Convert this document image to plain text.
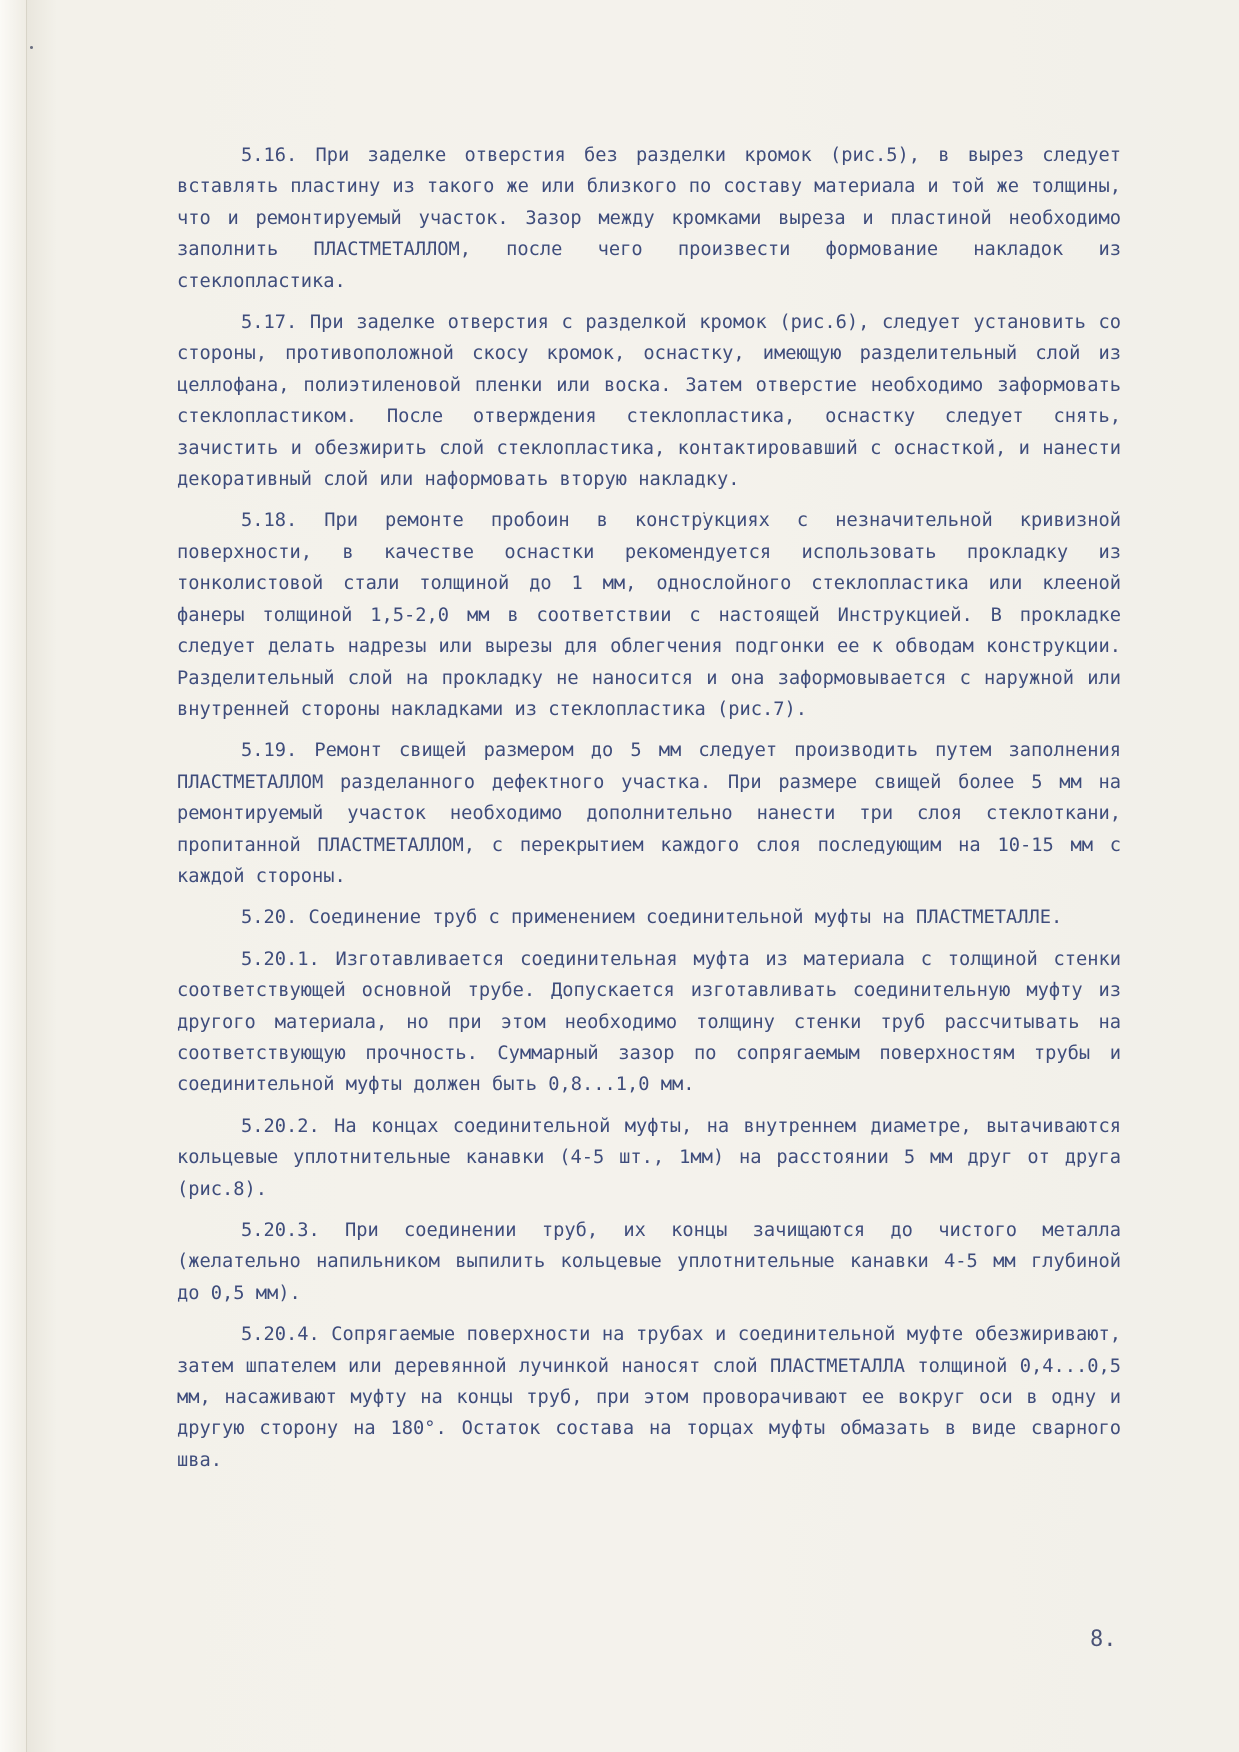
5.16. При заделке отверстия без разделки кромок (рис.5), в вырез следует вставлять пластину из такого же или близкого по составу материала и той же толщины, что и ремонтируемый участок. Зазор между кромками выреза и пластиной необходимо заполнить ПЛАСТМЕТАЛЛОМ, после чего произвести формование накладок из стеклопластика.

5.17. При заделке отверстия с разделкой кромок (рис.6), следует установить со стороны, противоположной скосу кромок, оснастку, имеющую разделительный слой из целлофана, полиэтиленовой пленки или воска. Затем отверстие необходимо заформовать стеклопластиком. После отверждения стеклопластика, оснастку следует снять, зачистить и обезжирить слой стеклопластика, контактировавший с оснасткой, и нанести декоративный слой или наформовать вторую накладку.

5.18. При ремонте пробоин в конструкциях с незначительной кривизной поверхности, в качестве оснастки рекомендуется использовать прокладку из тонколистовой стали толщиной до 1 мм, однослойного стеклопластика или клееной фанеры толщиной 1,5-2,0 мм в соответствии с настоящей Инструкцией. В прокладке следует делать надрезы или вырезы для облегчения подгонки ее к обводам конструкции. Разделительный слой на прокладку не наносится и она заформовывается с наружной или внутренней стороны накладками из стеклопластика (рис.7).

5.19. Ремонт свищей размером до 5 мм следует производить путем заполнения ПЛАСТМЕТАЛЛОМ разделанного дефектного участка. При размере свищей более 5 мм на ремонтируемый участок необходимо дополнительно нанести три слоя стеклоткани, пропитанной ПЛАСТМЕТАЛЛОМ, с перекрытием каждого слоя последующим на 10-15 мм с каждой стороны.

5.20. Соединение труб с применением соединительной муфты на ПЛАСТМЕТАЛЛЕ.

5.20.1. Изготавливается соединительная муфта из материала с толщиной стенки соответствующей основной трубе. Допускается изготавливать соединительную муфту из другого материала, но при этом необходимо толщину стенки труб рассчитывать на соответствующую прочность. Суммарный зазор по сопрягаемым поверхностям трубы и соединительной муфты должен быть 0,8...1,0 мм.

5.20.2. На концах соединительной муфты, на внутреннем диаметре, вытачиваются кольцевые уплотнительные канавки (4-5 шт., 1мм) на расстоянии 5 мм друг от друга (рис.8).

5.20.3. При соединении труб, их концы зачищаются до чистого металла (желательно напильником выпилить кольцевые уплотнительные канавки 4-5 мм глубиной до 0,5 мм).

5.20.4. Сопрягаемые поверхности на трубах и соединительной муфте обезжиривают, затем шпателем или деревянной лучинкой наносят слой ПЛАСТМЕТАЛЛА толщиной 0,4...0,5 мм, насаживают муфту на концы труб, при этом проворачивают ее вокруг оси в одну и другую сторону на 180°. Остаток состава на торцах муфты обмазать в виде сварного шва.

8.
